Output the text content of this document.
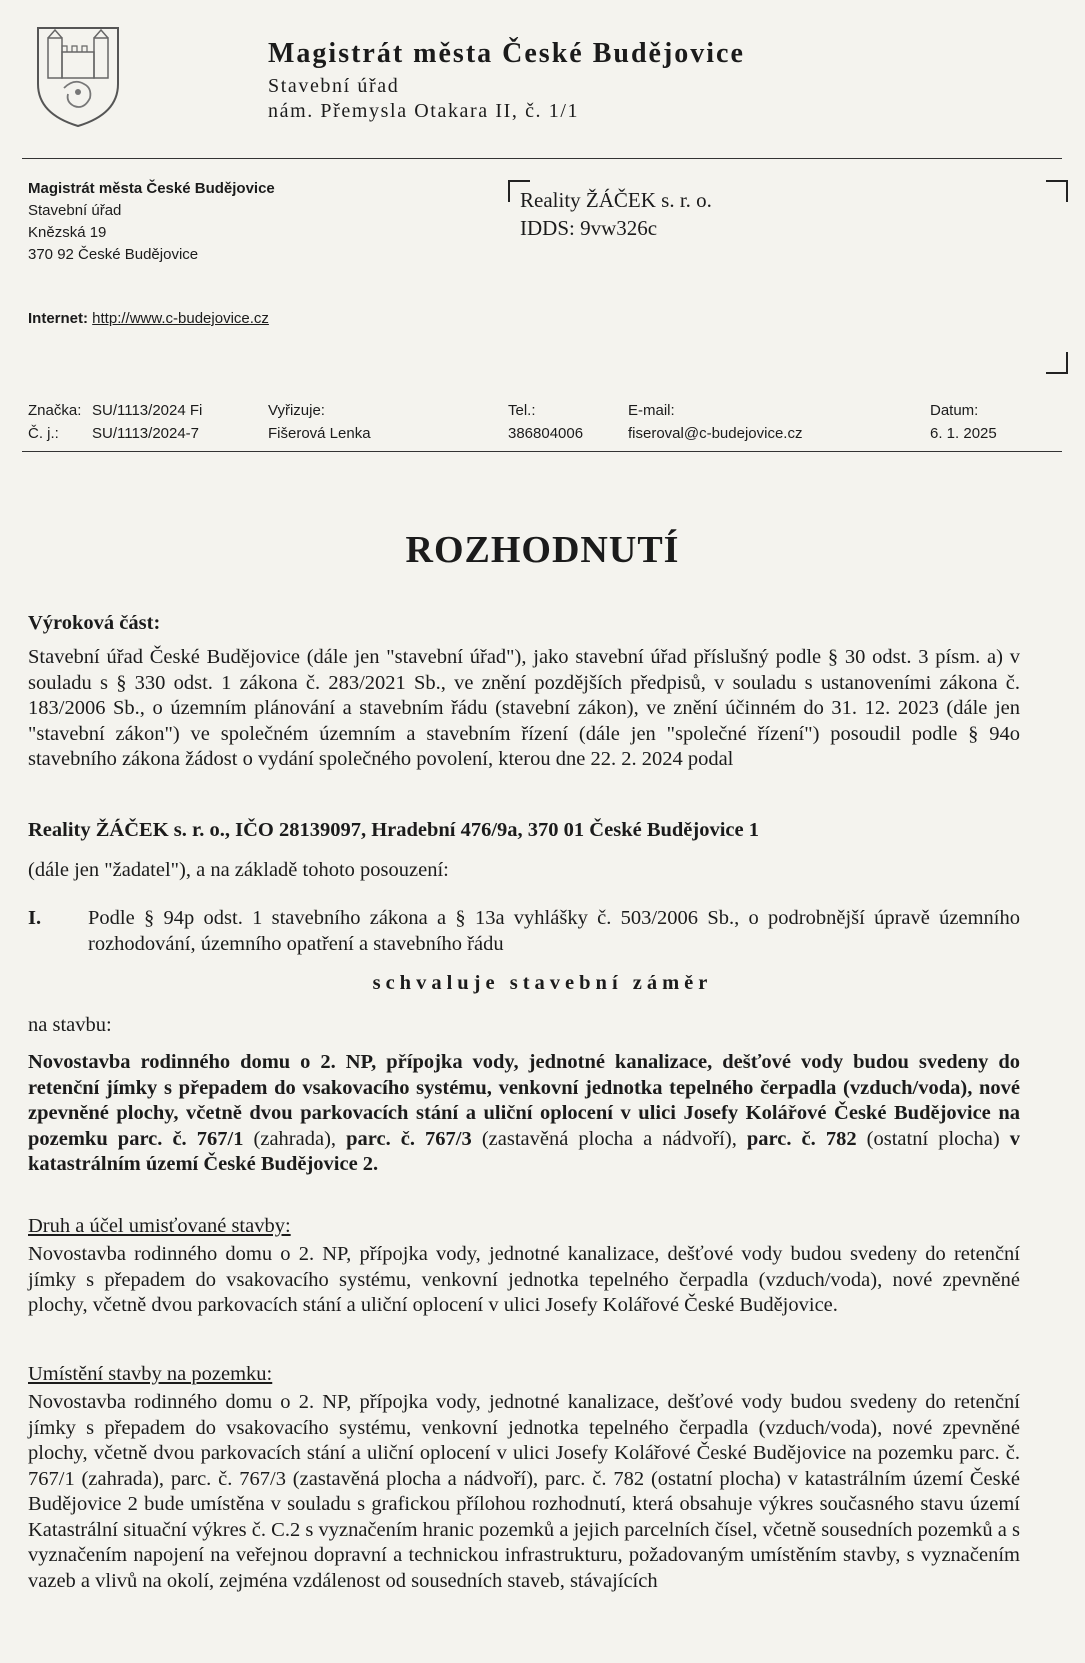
Magistrát města České Budějovice
Stavební úřad
nám. Přemysla Otakara II, č. 1/1
Magistrát města České Budějovice
Stavební úřad
Knězská 19
370 92 České Budějovice
Internet: http://www.c-budejovice.cz
Reality ŽÁČEK s. r. o.
IDDS: 9vw326c
Značka:
Č. j.:
SU/1113/2024 Fi
SU/1113/2024-7
Vyřizuje:
Fišerová Lenka
Tel.:
386804006
E-mail:
fiseroval@c-budejovice.cz
Datum:
6. 1. 2025
ROZHODNUTÍ
Výroková část:
Stavební úřad České Budějovice (dále jen "stavební úřad"), jako stavební úřad příslušný podle § 30 odst. 3 písm. a) v souladu s § 330 odst. 1 zákona č. 283/2021 Sb., ve znění pozdějších předpisů, v souladu s ustanoveními zákona č. 183/2006 Sb., o územním plánování a stavebním řádu (stavební zákon), ve znění účinném do 31. 12. 2023 (dále jen "stavební zákon") ve společném územním a stavebním řízení (dále jen "společné řízení") posoudil podle § 94o stavebního zákona žádost o vydání společného povolení, kterou dne 22. 2. 2024 podal
Reality ŽÁČEK s. r. o., IČO 28139097, Hradební 476/9a, 370 01 České Budějovice 1
(dále jen "žadatel"), a na základě tohoto posouzení:
I. Podle § 94p odst. 1 stavebního zákona a § 13a vyhlášky č. 503/2006 Sb., o podrobnější úpravě územního rozhodování, územního opatření a stavebního řádu
schvaluje stavební záměr
na stavbu:
Novostavba rodinného domu o 2. NP, přípojka vody, jednotné kanalizace, dešťové vody budou svedeny do retenční jímky s přepadem do vsakovacího systému, venkovní jednotka tepelného čerpadla (vzduch/voda), nové zpevněné plochy, včetně dvou parkovacích stání a uliční oplocení v ulici Josefy Kolářové České Budějovice na pozemku parc. č. 767/1 (zahrada), parc. č. 767/3 (zastavěná plocha a nádvoří), parc. č. 782 (ostatní plocha) v katastrálním území České Budějovice 2.
Druh a účel umisťované stavby:
Novostavba rodinného domu o 2. NP, přípojka vody, jednotné kanalizace, dešťové vody budou svedeny do retenční jímky s přepadem do vsakovacího systému, venkovní jednotka tepelného čerpadla (vzduch/voda), nové zpevněné plochy, včetně dvou parkovacích stání a uliční oplocení v ulici Josefy Kolářové České Budějovice.
Umístění stavby na pozemku:
Novostavba rodinného domu o 2. NP, přípojka vody, jednotné kanalizace, dešťové vody budou svedeny do retenční jímky s přepadem do vsakovacího systému, venkovní jednotka tepelného čerpadla (vzduch/voda), nové zpevněné plochy, včetně dvou parkovacích stání a uliční oplocení v ulici Josefy Kolářové České Budějovice na pozemku parc. č. 767/1 (zahrada), parc. č. 767/3 (zastavěná plocha a nádvoří), parc. č. 782 (ostatní plocha) v katastrálním území České Budějovice 2 bude umístěna v souladu s grafickou přílohou rozhodnutí, která obsahuje výkres současného stavu území Katastrální situační výkres č. C.2 s vyznačením hranic pozemků a jejich parcelních čísel, včetně sousedních pozemků a s vyznačením napojení na veřejnou dopravní a technickou infrastrukturu, požadovaným umístěním stavby, s vyznačením vazeb a vlivů na okolí, zejména vzdálenost od sousedních staveb, stávajících
